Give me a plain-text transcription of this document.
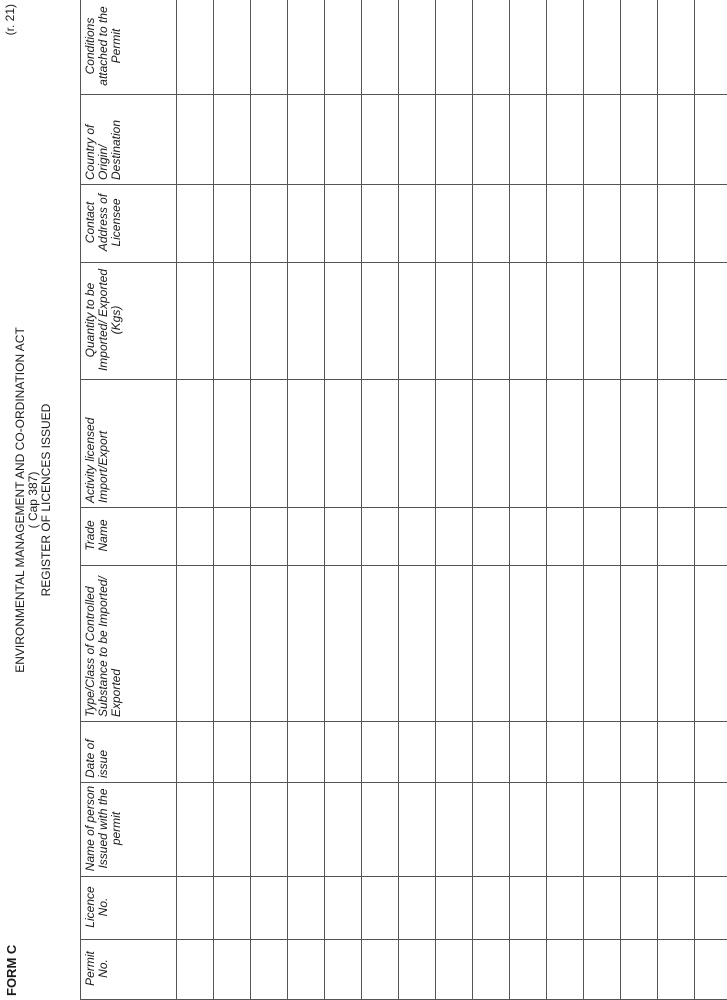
FORM C
(r. 21)
ENVIRONMENTAL MANAGEMENT AND CO-ORDINATION ACT ( Cap 387) REGISTER OF LICENCES ISSUED
Permit No.	Licence No.	Name of person Issued with the permit	Date of issue	Type/Class of Controlled Substance to be Imported/ Exported	Trade Name	Activity licensed Import/Export	Quantity to be Imported/ Exported (Kgs)	Contact Address of Licensee	Country of Origin/ Destination	Conditions attached to the Permit
